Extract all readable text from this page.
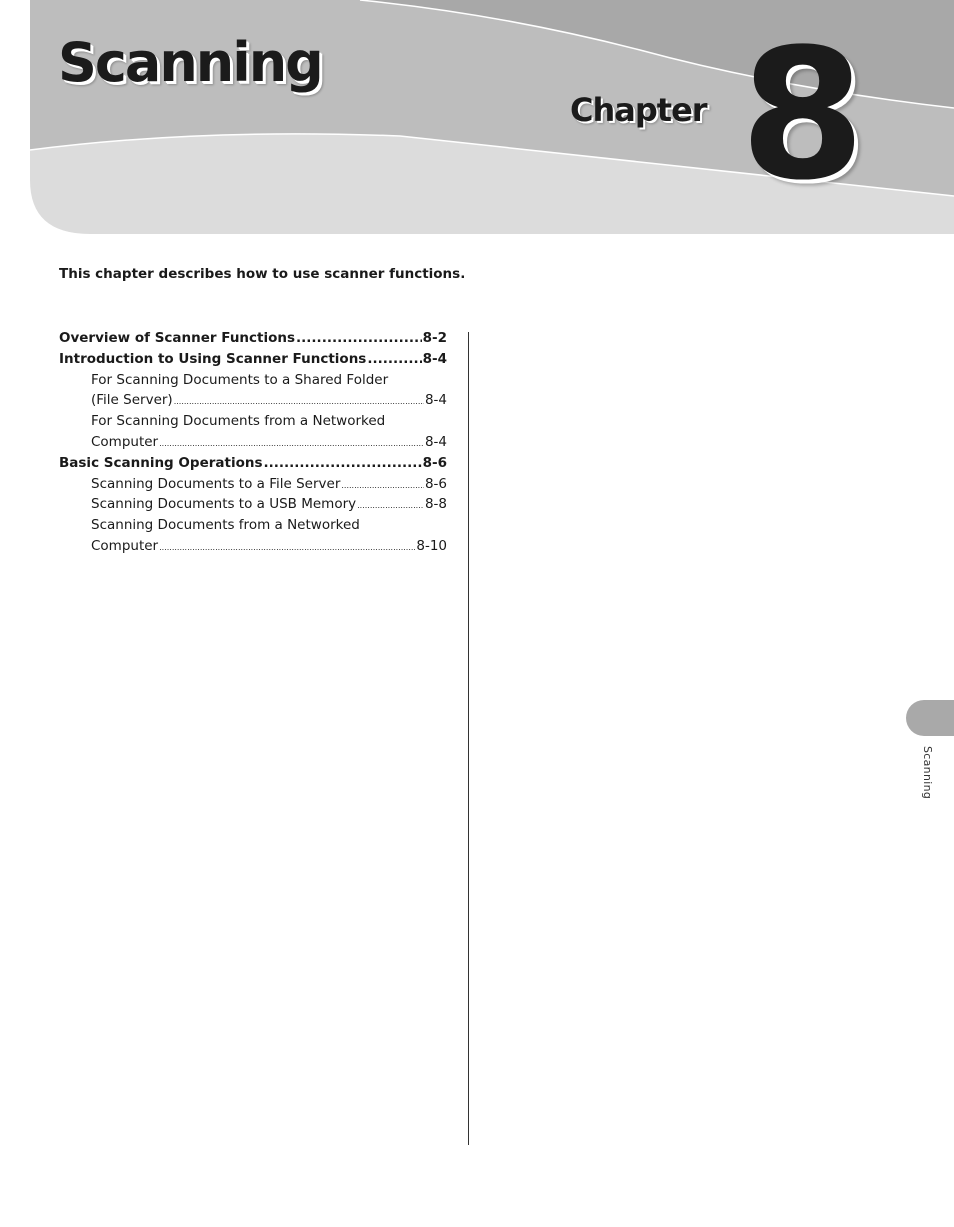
Scanning
Chapter 8

This chapter describes how to use scanner functions.

Overview of Scanner Functions .....	8-2
Introduction to Using Scanner Functions .....	8-4
For Scanning Documents to a Shared Folder
(File Server) .....	8-4
For Scanning Documents from a Networked
Computer .....	8-4
Basic Scanning Operations .....	8-6
Scanning Documents to a File Server .....	8-6
Scanning Documents to a USB Memory .....	8-8
Scanning Documents from a Networked
Computer .....	8-10
Scanning
